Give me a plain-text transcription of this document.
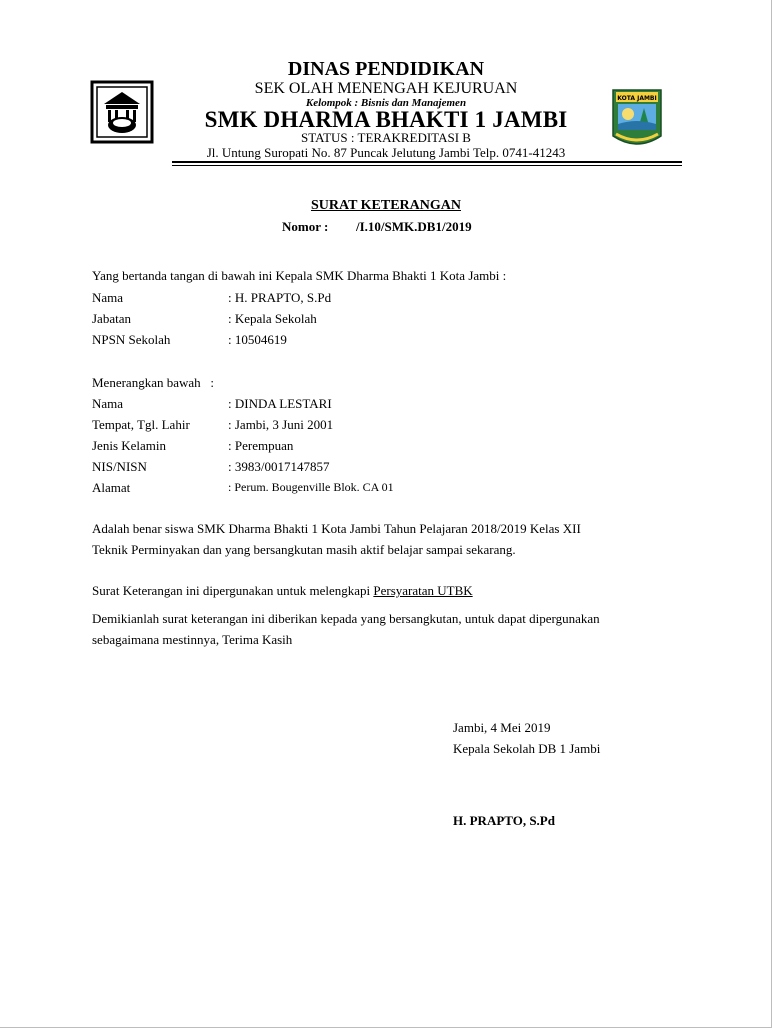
KOTA JAMBI
DINAS PENDIDIKAN
SEK OLAH MENENGAH KEJURUAN
Kelompok : Bisnis dan Manajemen
SMK DHARMA BHAKTI 1 JAMBI
STATUS : TERAKREDITASI B
Jl. Untung Suropati No. 87 Puncak Jelutung Jambi Telp. 0741-41243
SURAT KETERANGAN
Nomor : /I.10/SMK.DB1/2019
Yang bertanda tangan di bawah ini Kepala SMK Dharma Bhakti 1 Kota Jambi :
Nama	: H. PRAPTO, S.Pd
Jabatan	: Kepala Sekolah
NPSN Sekolah	: 10504619
Menerangkan bawah   :
Nama	: DINDA LESTARI
Tempat, Tgl. Lahir	: Jambi, 3 Juni 2001
Jenis Kelamin	: Perempuan
NIS/NISN	: 3983/0017147857
Alamat	: Perum. Bougenville Blok. CA 01
Adalah benar siswa SMK Dharma Bhakti 1 Kota Jambi Tahun Pelajaran 2018/2019 Kelas XII
Teknik Perminyakan dan yang bersangkutan masih aktif belajar sampai sekarang.
Surat Keterangan ini dipergunakan untuk melengkapi Persyaratan UTBK
Demikianlah surat keterangan ini diberikan kepada yang bersangkutan, untuk dapat dipergunakan
sebagaimana mestinnya, Terima Kasih
Jambi, 4 Mei 2019
Kepala Sekolah DB 1 Jambi
H. PRAPTO, S.Pd
